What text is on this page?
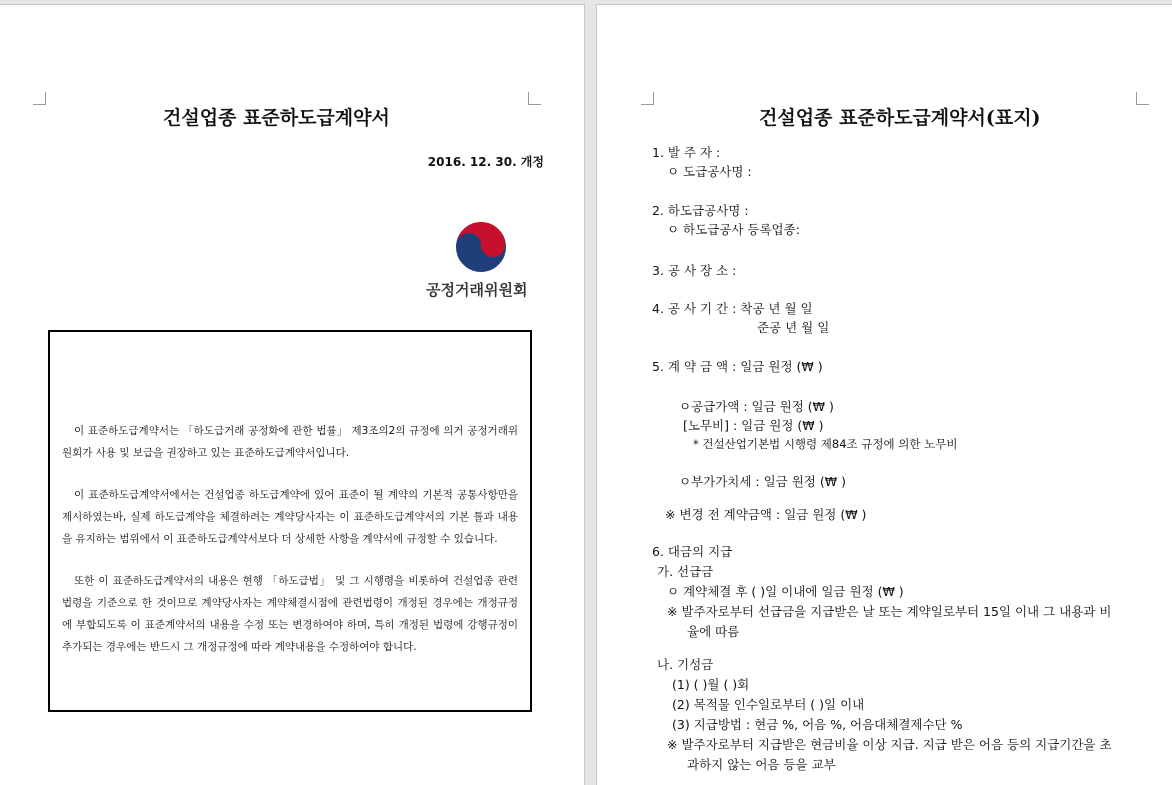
건설업종 표준하도급계약서
2016. 12. 30. 개정
공정거래위원회

이 표준하도급계약서는 「하도급거래 공정화에 관한 법률」 제3조의2의 규정에 의거 공정거래위원회가 사용 및 보급을 권장하고 있는 표준하도급계약서입니다.

이 표준하도급계약서에서는 건설업종 하도급계약에 있어 표준이 될 계약의 기본적 공통사항만을 제시하였는바, 실제 하도급계약을 체결하려는 계약당사자는 이 표준하도급계약서의 기본 틀과 내용을 유지하는 범위에서 이 표준하도급계약서보다 더 상세한 사항을 계약서에 규정할 수 있습니다.

또한 이 표준하도급계약서의 내용은 현행 「하도급법」 및 그 시행령을 비롯하여 건설업종 관련 법령을 기준으로 한 것이므로 계약당사자는 계약체결시점에 관련법령이 개정된 경우에는 개정규정에 부합되도록 이 표준계약서의 내용을 수정 또는 변경하여야 하며, 특히 개정된 법령에 강행규정이 추가되는 경우에는 반드시 그 개정규정에 따라 계약내용을 수정하여야 합니다.

건설업종 표준하도급계약서(표지)
1. 발 주 자 :
ㅇ 도급공사명 :
2. 하도급공사명 :
ㅇ 하도급공사 등록업종:
3. 공 사 장 소 :
4. 공 사 기 간 : 착공 년 월 일
준공 년 월 일
5. 계 약 금 액 : 일금 원정 (₩ )
ㅇ공급가액 : 일금 원정 (₩ )
[노무비] : 일금 원정 (₩ )
* 건설산업기본법 시행령 제84조 규정에 의한 노무비
ㅇ부가가치세 : 일금 원정 (₩ )
※ 변경 전 계약금액 : 일금 원정 (₩ )
6. 대금의 지급
가. 선급금
ㅇ 계약체결 후 ( )일 이내에 일금 원정 (₩ )
※ 발주자로부터 선급금을 지급받은 날 또는 계약일로부터 15일 이내 그 내용과 비
율에 따름
나. 기성금
(1) ( )월 ( )회
(2) 목적물 인수일로부터 ( )일 이내
(3) 지급방법 : 현금 %, 어음 %, 어음대체결제수단 %
※ 발주자로부터 지급받은 현금비율 이상 지급. 지급 받은 어음 등의 지급기간을 초
과하지 않는 어음 등을 교부
